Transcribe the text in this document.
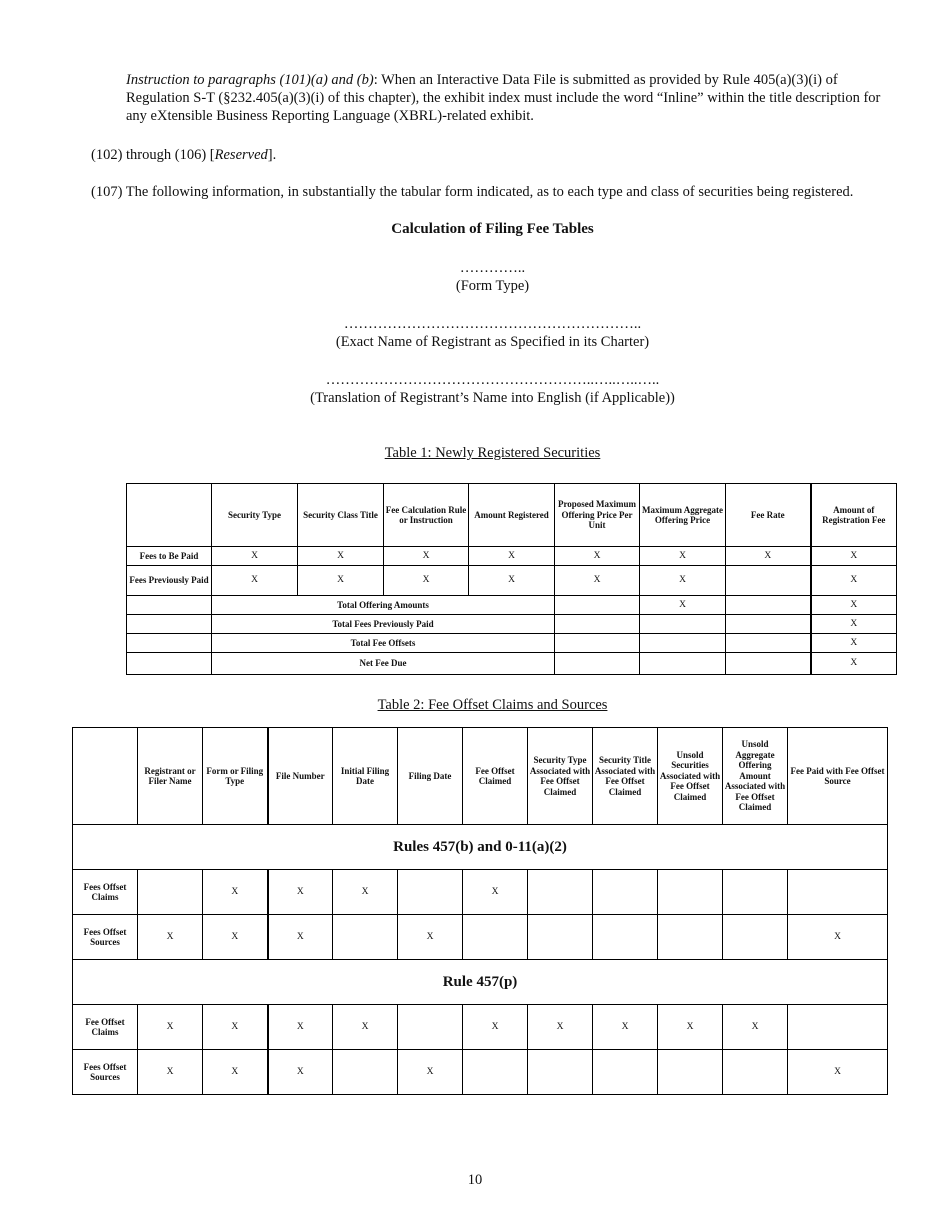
Instruction to paragraphs (101)(a) and (b): When an Interactive Data File is submitted as provided by Rule 405(a)(3)(i) of Regulation S-T (§232.405(a)(3)(i) of this chapter), the exhibit index must include the word “Inline” within the title description for any eXtensible Business Reporting Language (XBRL)-related exhibit.

(102) through (106) [Reserved].

(107) The following information, in substantially the tabular form indicated, as to each type and class of securities being registered.

Calculation of Filing Fee Tables
…………..
(Form Type)
……………………………………………………..
(Exact Name of Registrant as Specified in its Charter)
………………………………………………..…..…..…..
(Translation of Registrant’s Name into English (if Applicable))
Table 1: Newly Registered Securities
	Security Type	Security Class Title	Fee Calculation Rule or Instruction	Amount Registered	Proposed Maximum Offering Price Per Unit	Maximum Aggregate Offering Price	Fee Rate	Amount of Registration Fee
Fees to Be Paid	X	X	X	X	X	X	X	X
Fees Previously Paid	X	X	X	X	X	X		X
	Total Offering Amounts					X		X
	Total Fees Previously Paid							X
	Total Fee Offsets							X
	Net Fee Due							X
Table 2: Fee Offset Claims and Sources
	Registrant or Filer Name	Form or Filing Type	File Number	Initial Filing Date	Filing Date	Fee Offset Claimed	Security Type Associated with Fee Offset Claimed	Security Title Associated with Fee Offset Claimed	Unsold Securities Associated with Fee Offset Claimed	Unsold Aggregate Offering Amount Associated with Fee Offset Claimed	Fee Paid with Fee Offset Source
Rules 457(b) and 0-11(a)(2)											
Fees Offset Claims		X	X	X		X					
Fees Offset Sources	X	X	X		X						X
Rule 457(p)											
Fee Offset Claims	X	X	X	X		X	X	X	X	X	
Fees Offset Sources	X	X	X		X						X
10
